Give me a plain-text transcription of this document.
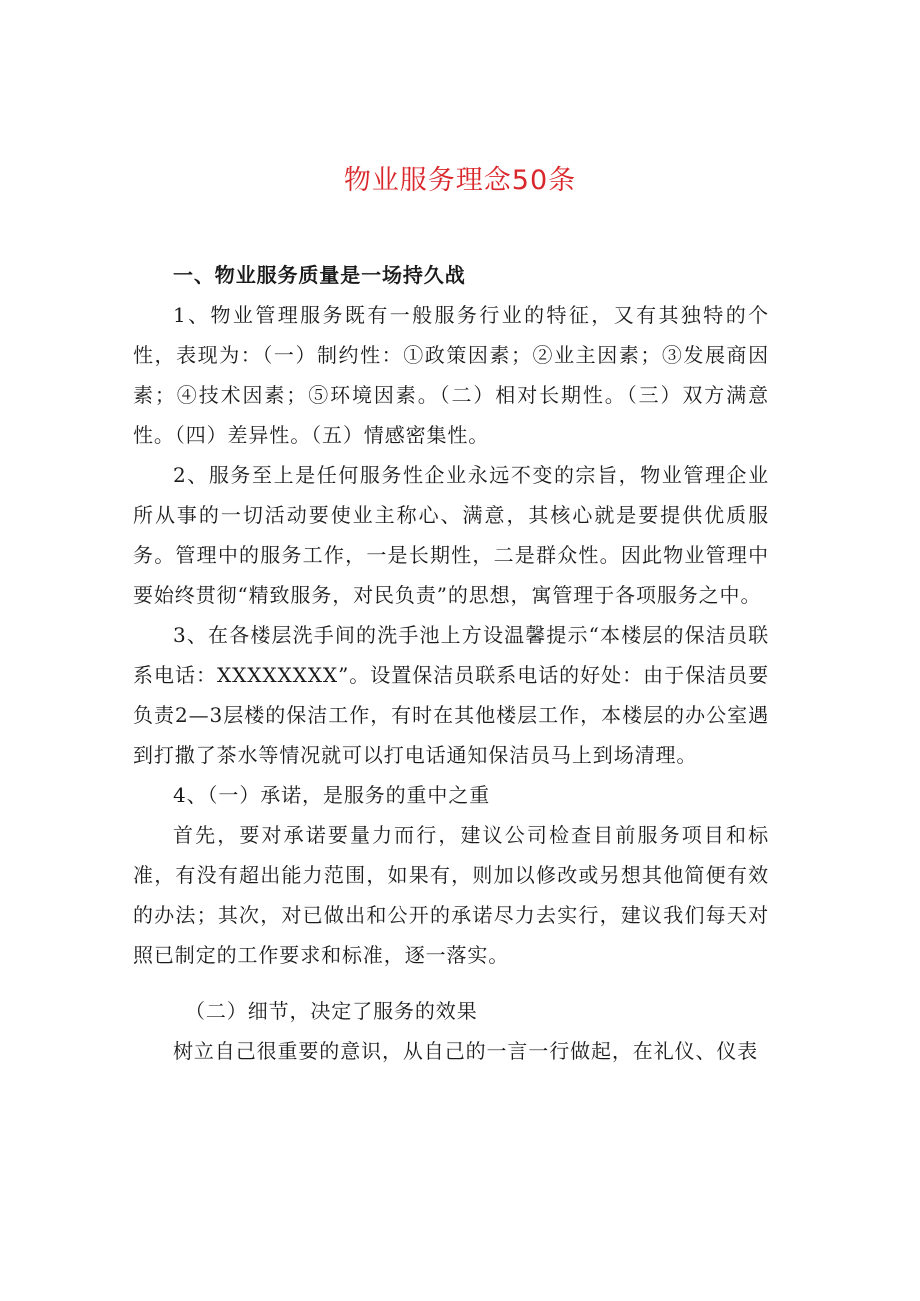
物业服务理念50条

一、物业服务质量是一场持久战

1、物业管理服务既有一般服务行业的特征，又有其独特的个性，表现为：（一）制约性：①政策因素；②业主因素；③发展商因素；④技术因素；⑤环境因素。（二）相对长期性。（三）双方满意性。（四）差异性。（五）情感密集性。

2、服务至上是任何服务性企业永远不变的宗旨，物业管理企业所从事的一切活动要使业主称心、满意，其核心就是要提供优质服务。管理中的服务工作，一是长期性，二是群众性。因此物业管理中要始终贯彻“精致服务，对民负责”的思想，寓管理于各项服务之中。

3、在各楼层洗手间的洗手池上方设温馨提示“本楼层的保洁员联系电话：XXXXXXXX”。设置保洁员联系电话的好处：由于保洁员要负责2—3层楼的保洁工作，有时在其他楼层工作，本楼层的办公室遇到打撒了茶水等情况就可以打电话通知保洁员马上到场清理。

4、（一）承诺，是服务的重中之重

首先，要对承诺要量力而行，建议公司检查目前服务项目和标准，有没有超出能力范围，如果有，则加以修改或另想其他简便有效的办法；其次，对已做出和公开的承诺尽力去实行，建议我们每天对照已制定的工作要求和标准，逐一落实。

（二）细节，决定了服务的效果

树立自己很重要的意识，从自己的一言一行做起，在礼仪、仪表
